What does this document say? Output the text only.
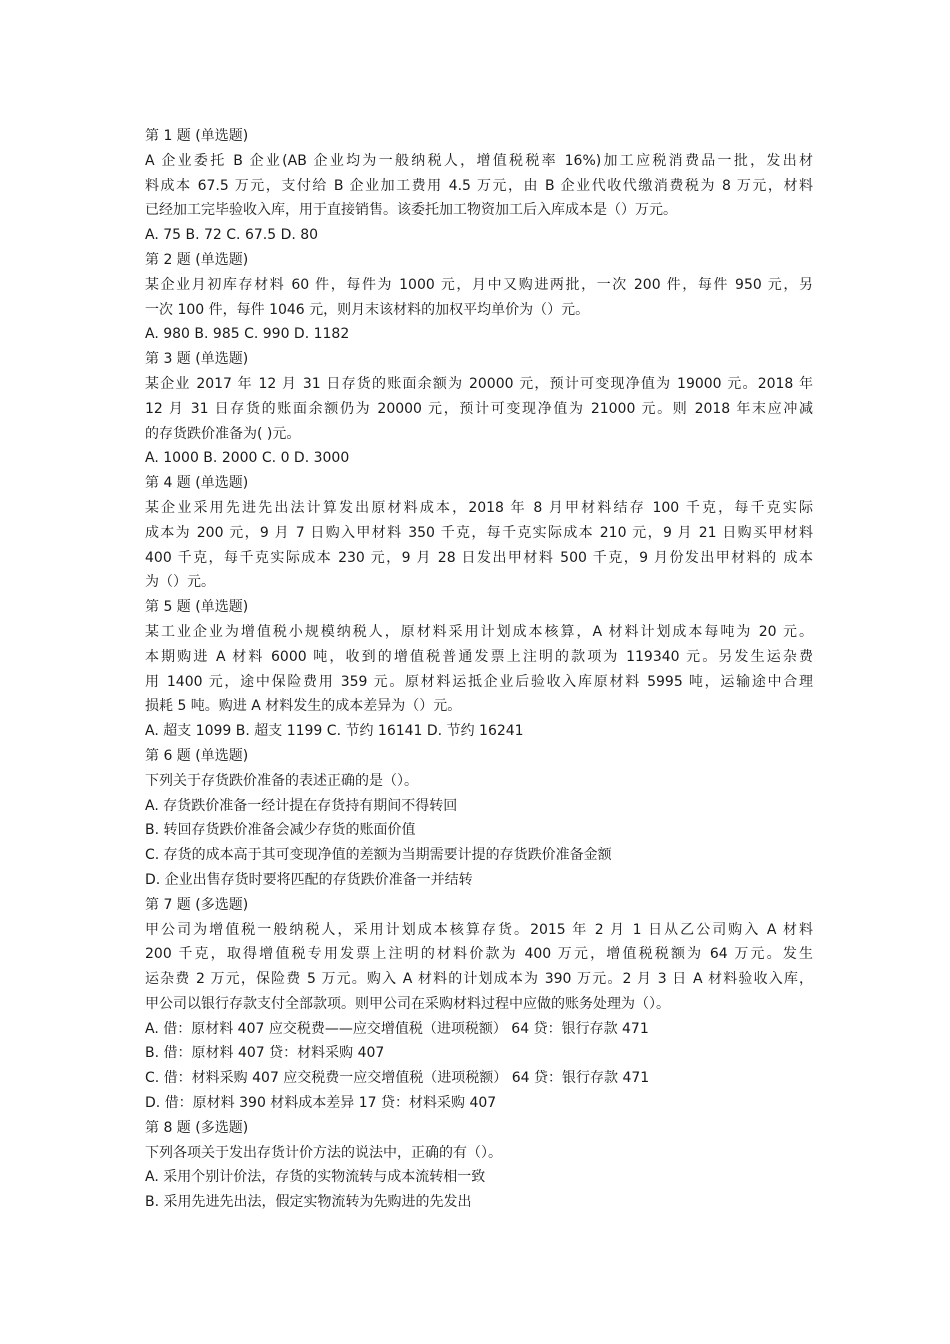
第 1 题 (单选题)
A 企业委托 B 企业(AB 企业均为一般纳税人，增值税税率 16%)加工应税消费品一批，发出材
料成本 67.5 万元，支付给 B 企业加工费用 4.5 万元，由 B 企业代收代缴消费税为 8 万元，材料
已经加工完毕验收入库，用于直接销售。该委托加工物资加工后入库成本是（）万元。
A. 75 B. 72 C. 67.5 D. 80
第 2 题 (单选题)
某企业月初库存材料 60 件，每件为 1000 元，月中又购进两批，一次 200 件，每件 950 元，另
一次 100 件，每件 1046 元，则月末该材料的加权平均单价为（）元。
A. 980 B. 985 C. 990 D. 1182
第 3 题 (单选题)
某企业 2017 年 12 月 31 日存货的账面余额为 20000 元，预计可变现净值为 19000 元。2018 年
12 月 31 日存货的账面余额仍为 20000 元，预计可变现净值为 21000 元。则 2018 年末应冲减
的存货跌价准备为( )元。
A. 1000 B. 2000 C. 0 D. 3000
第 4 题 (单选题)
某企业采用先进先出法计算发出原材料成本，2018 年 8 月甲材料结存 100 千克，每千克实际
成本为 200 元，9 月 7 日购入甲材料 350 千克，每千克实际成本 210 元，9 月 21 日购买甲材料
400 千克，每千克实际成本 230 元，9 月 28 日发出甲材料 500 千克，9 月份发出甲材料的 成本
为（）元。
第 5 题 (单选题)
某工业企业为增值税小规模纳税人，原材料采用计划成本核算，A 材料计划成本每吨为 20 元。
本期购进 A 材料 6000 吨，收到的增值税普通发票上注明的款项为 119340 元。另发生运杂费
用 1400 元，途中保险费用 359 元。原材料运抵企业后验收入库原材料 5995 吨，运输途中合理
损耗 5 吨。购进 A 材料发生的成本差异为（）元。
A. 超支 1099 B. 超支 1199 C. 节约 16141 D. 节约 16241
第 6 题 (单选题)
下列关于存货跌价准备的表述正确的是（）。
A. 存货跌价准备一经计提在存货持有期间不得转回
B. 转回存货跌价准备会减少存货的账面价值
C. 存货的成本高于其可变现净值的差额为当期需要计提的存货跌价准备金额
D. 企业出售存货时要将匹配的存货跌价准备一并结转
第 7 题 (多选题)
甲公司为增值税一般纳税人，采用计划成本核算存货。2015 年 2 月 1 日从乙公司购入 A 材料
200 千克，取得增值税专用发票上注明的材料价款为 400 万元，增值税税额为 64 万元。发生
运杂费 2 万元，保险费 5 万元。购入 A 材料的计划成本为 390 万元。2 月 3 日 A 材料验收入库，
甲公司以银行存款支付全部款项。则甲公司在采购材料过程中应做的账务处理为（）。
A. 借：原材料 407 应交税费——应交增值税（进项税额） 64 贷：银行存款 471
B. 借：原材料 407 贷：材料采购 407
C. 借：材料采购 407 应交税费一应交增值税（进项税额） 64 贷：银行存款 471
D. 借：原材料 390 材料成本差异 17 贷：材料采购 407
第 8 题 (多选题)
下列各项关于发出存货计价方法的说法中，正确的有（）。
A. 采用个别计价法，存货的实物流转与成本流转相一致
B. 采用先进先出法，假定实物流转为先购进的先发出
